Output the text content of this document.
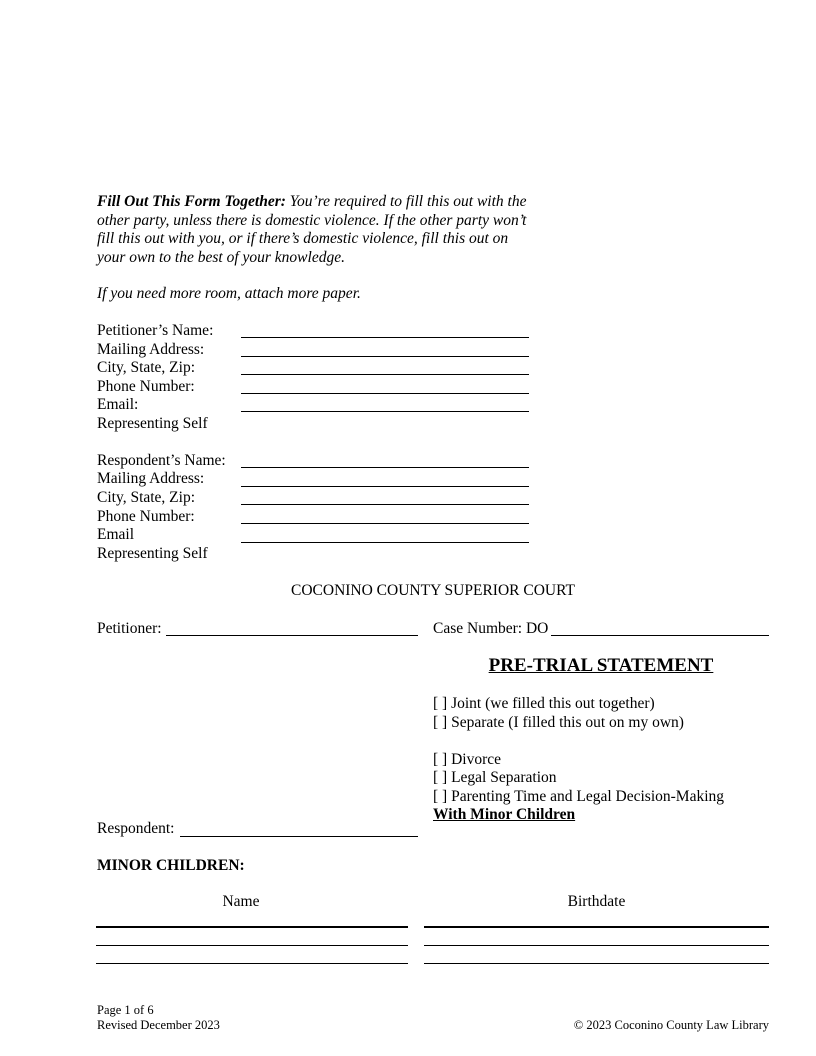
Fill Out This Form Together: You’re required to fill this out with the other party, unless there is domestic violence. If the other party won’t fill this out with you, or if there’s domestic violence, fill this out on your own to the best of your knowledge.
If you need more room, attach more paper.
Petitioner’s Name:
Mailing Address:
City, State, Zip:
Phone Number:
Email:
Representing Self
Respondent’s Name:
Mailing Address:
City, State, Zip:
Phone Number:
Email
Representing Self
COCONINO COUNTY SUPERIOR COURT
Petitioner:	Case Number: DO
PRE-TRIAL STATEMENT
[ ] Joint (we filled this out together)
[ ] Separate (I filled this out on my own)
[ ] Divorce
[ ] Legal Separation
[ ] Parenting Time and Legal Decision-Making
With Minor Children
Respondent:
MINOR CHILDREN:
Name	Birthdate
Page 1 of 6
Revised December 2023	© 2023 Coconino County Law Library
